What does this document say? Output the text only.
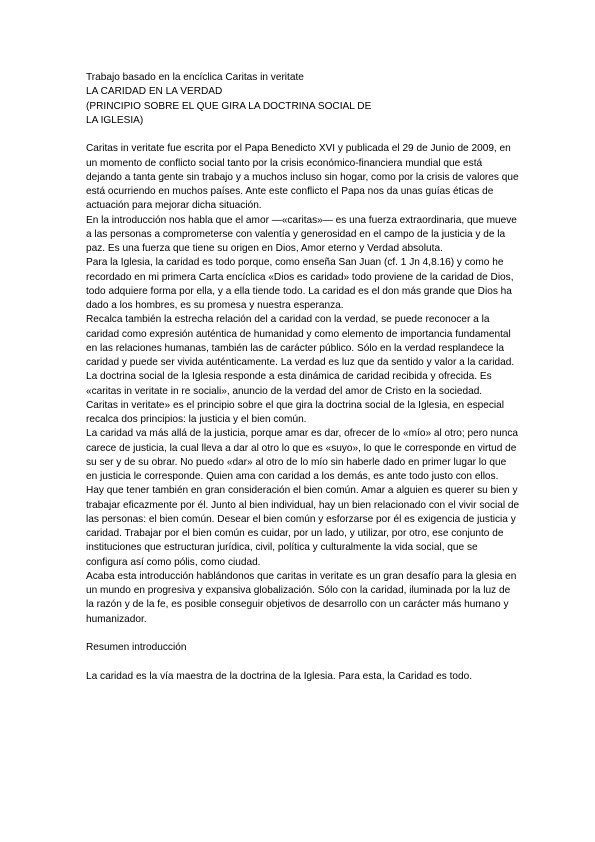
Trabajo basado en la encíclica Caritas in veritate

LA CARIDAD EN LA VERDAD

(PRINCIPIO SOBRE EL QUE GIRA LA DOCTRINA SOCIAL DE

LA IGLESIA)

Caritas in veritate fue escrita por el Papa Benedicto XVI y publicada el 29 de Junio de 2009, en un momento de conflicto social tanto por la crisis económico-financiera mundial que está dejando a tanta gente sin trabajo y a muchos incluso sin hogar, como por la crisis de valores que está ocurriendo en muchos países. Ante este conflicto el Papa nos da unas guías éticas de actuación para mejorar dicha situación.

En la introducción nos habla que el amor —«caritas»— es una fuerza extraordinaria, que mueve a las personas a comprometerse con valentía y generosidad en el campo de la justicia y de la paz. Es una fuerza que tiene su origen en Dios, Amor eterno y Verdad absoluta.

Para la Iglesia, la caridad es todo porque, como enseña San Juan (cf. 1 Jn 4,8.16) y como he recordado en mi primera Carta encíclica «Dios es caridad» todo proviene de la caridad de Dios, todo adquiere forma por ella, y a ella tiende todo. La caridad es el don más grande que Dios ha dado a los hombres, es su promesa y nuestra esperanza.

Recalca también la estrecha relación del a caridad con la verdad, se puede reconocer a la caridad como expresión auténtica de humanidad y como elemento de importancia fundamental en las relaciones humanas, también las de carácter público. Sólo en la verdad resplandece la caridad y puede ser vivida auténticamente. La verdad es luz que da sentido y valor a la caridad.

La doctrina social de la Iglesia responde a esta dinámica de caridad recibida y ofrecida. Es «caritas in veritate in re sociali», anuncio de la verdad del amor de Cristo en la sociedad.

Caritas in veritate» es el principio sobre el que gira la doctrina social de la Iglesia, en especial recalca dos principios: la justicia y el bien común.

La caridad va más allá de la justicia, porque amar es dar, ofrecer de lo «mío» al otro; pero nunca carece de justicia, la cual lleva a dar al otro lo que es «suyo», lo que le corresponde en virtud de su ser y de su obrar. No puedo «dar» al otro de lo mío sin haberle dado en primer lugar lo que en justicia le corresponde. Quien ama con caridad a los demás, es ante todo justo con ellos.

Hay que tener también en gran consideración el bien común. Amar a alguien es querer su bien y trabajar eficazmente por él. Junto al bien individual, hay un bien relacionado con el vivir social de las personas: el bien común. Desear el bien común y esforzarse por él es exigencia de justicia y caridad. Trabajar por el bien común es cuidar, por un lado, y utilizar, por otro, ese conjunto de instituciones que estructuran jurídica, civil, política y culturalmente la vida social, que se configura así como pólis, como ciudad.

Acaba esta introducción hablándonos que caritas in veritate es un gran desafío para la glesia en un mundo en progresiva y expansiva globalización. Sólo con la caridad, iluminada por la luz de la razón y de la fe, es posible conseguir objetivos de desarrollo con un carácter más humano y humanizador.

Resumen introducción

La caridad es la vía maestra de la doctrina de la Iglesia. Para esta, la Caridad es todo.
